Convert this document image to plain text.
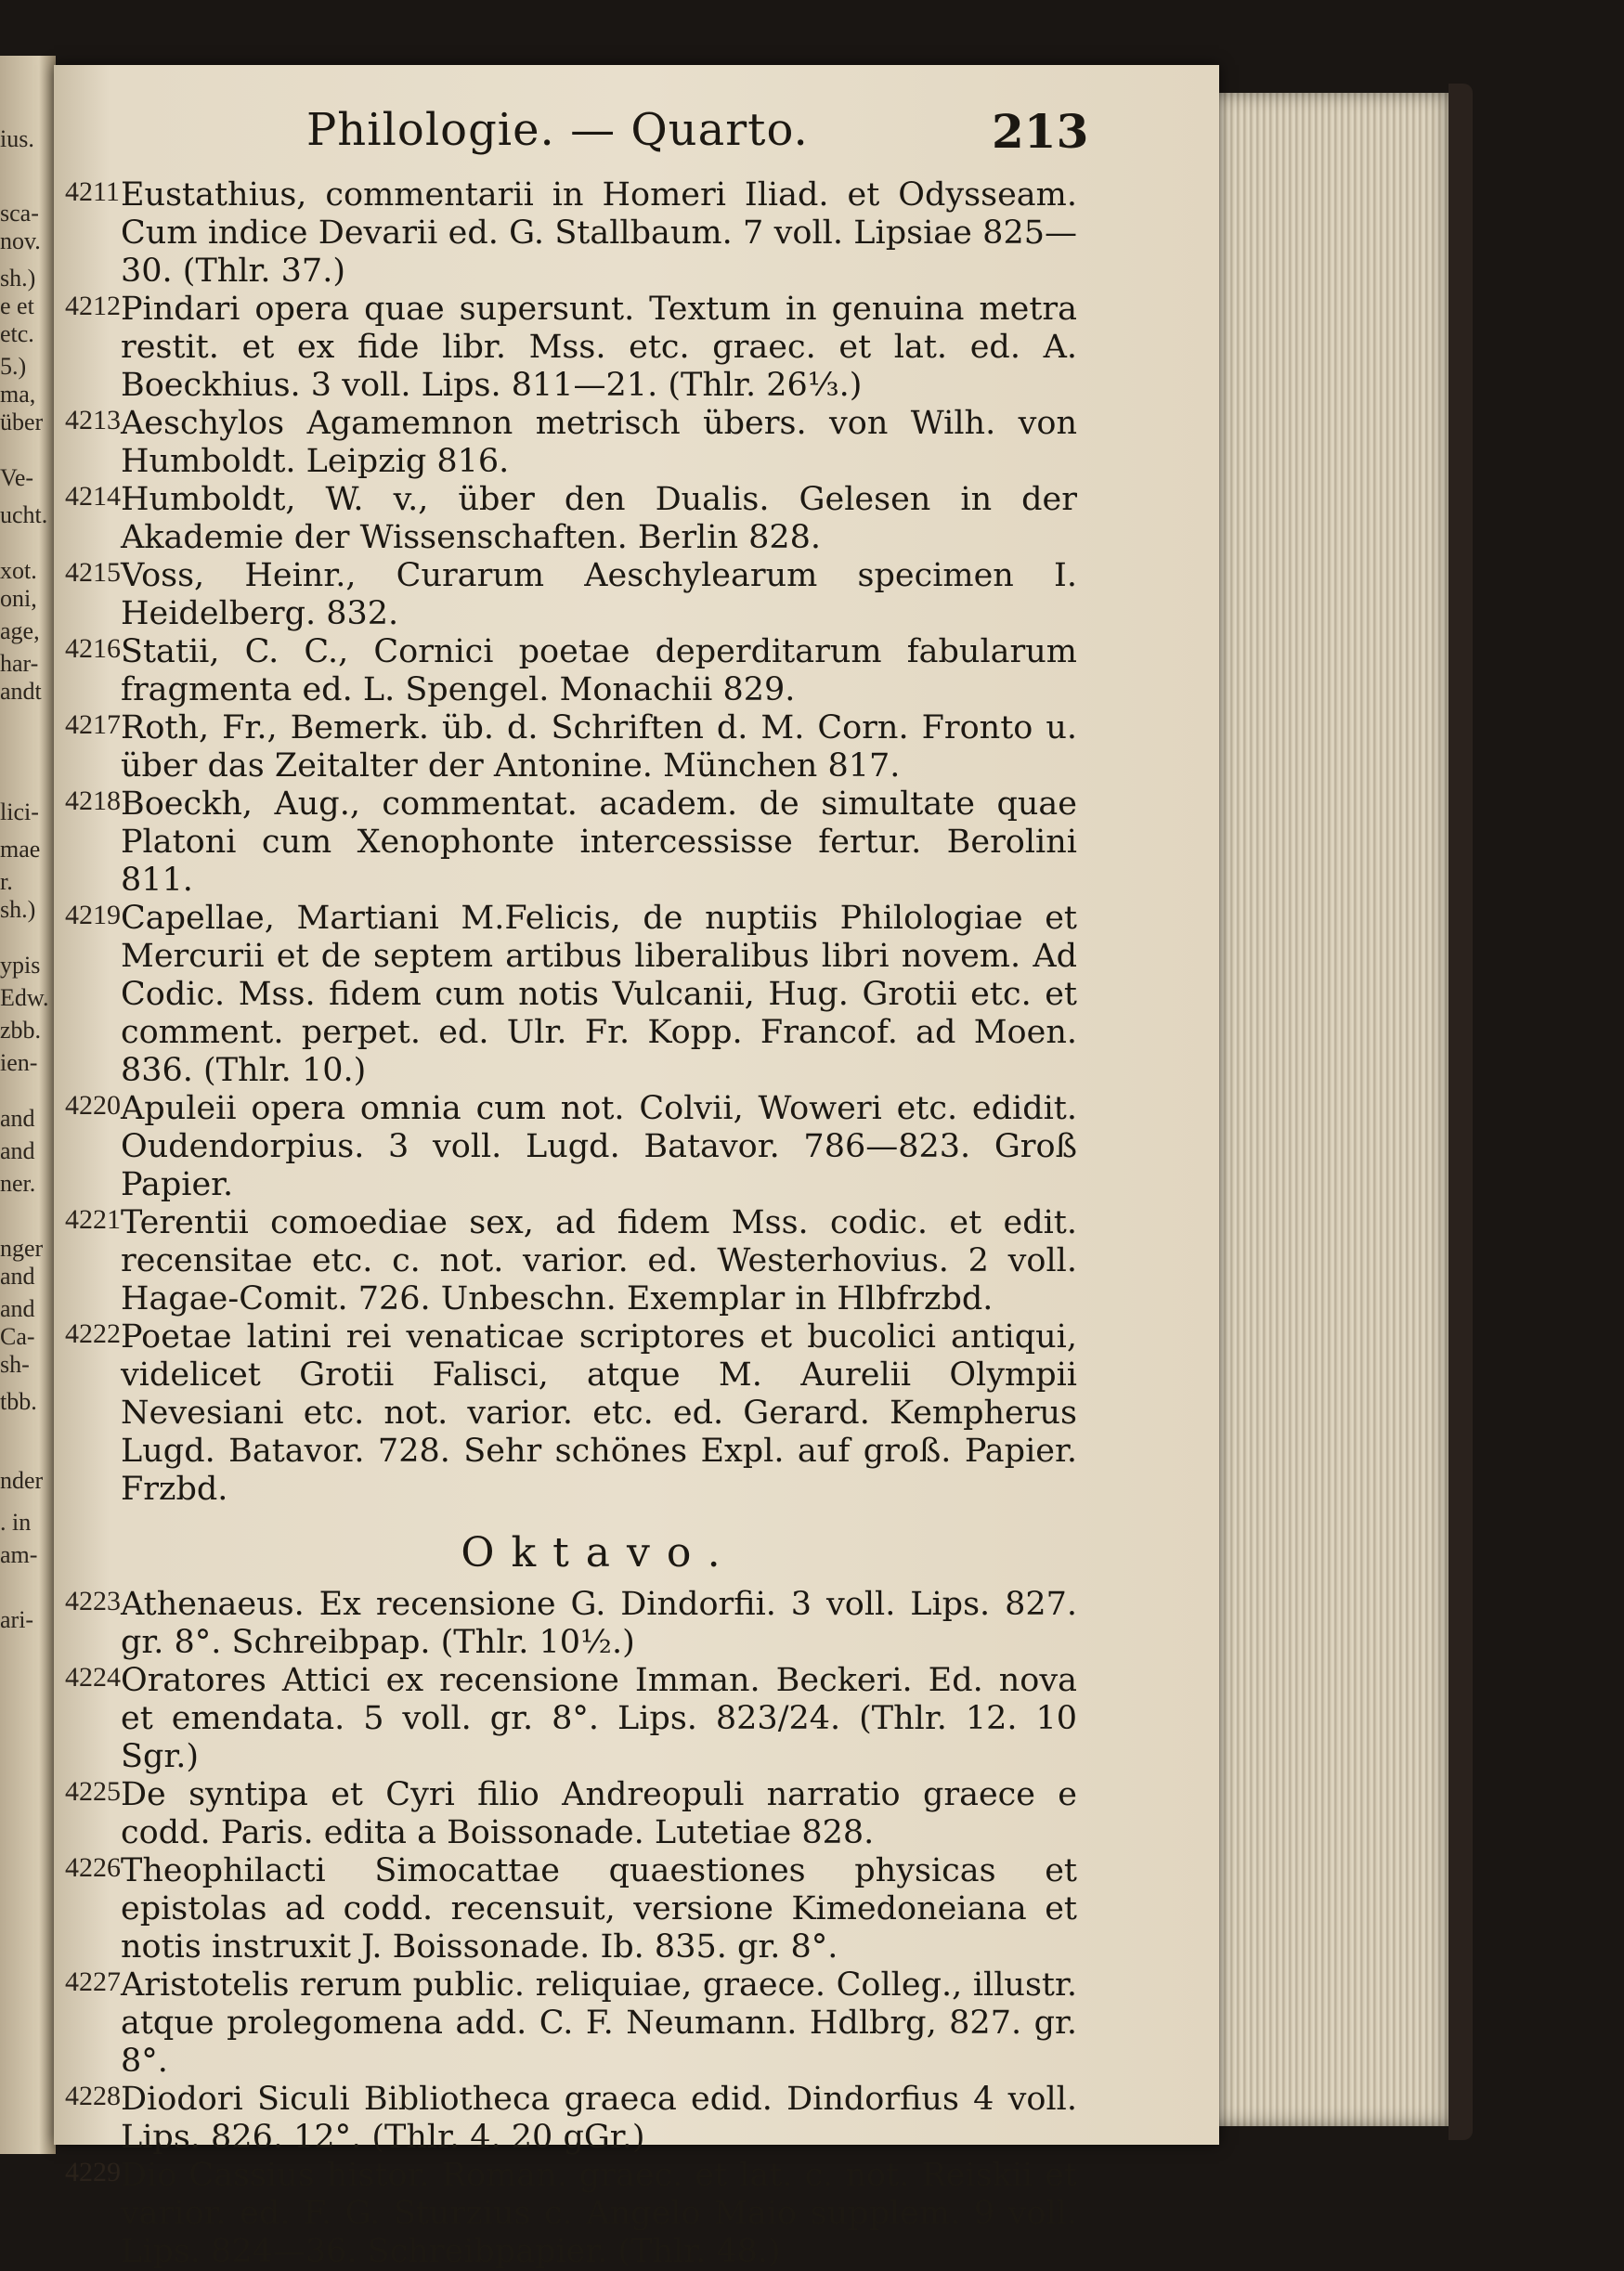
ius.
sca-
nov.
sh.)
e et
etc.
5.)
ma,
über
Ve-
ucht.
xot.
oni,
age,
har-
andt
lici-
mae
r.
sh.)
ypis
Edw.
zbb.
ien-
and
and
ner.
nger
and
and
Ca-
sh-
tbb.
nder
. in
am-
ari-
Philologie. — Quarto.	213
4211 Eustathius, commentarii in Homeri Iliad. et Odysseam. Cum indice Devarii ed. G. Stallbaum. 7 voll. Lipsiae 825—30. (Thlr. 37.)
4212 Pindari opera quae supersunt. Textum in genuina metra restit. et ex fide libr. Mss. etc. graec. et lat. ed. A. Boeckhius. 3 voll. Lips. 811—21. (Thlr. 26⅓.)
4213 Aeschylos Agamemnon metrisch übers. von Wilh. von Humboldt. Leipzig 816.
4214 Humboldt, W. v., über den Dualis. Gelesen in der Akademie der Wissenschaften. Berlin 828.
4215 Voss, Heinr., Curarum Aeschylearum specimen I. Heidelberg. 832.
4216 Statii, C. C., Cornici poetae deperditarum fabularum fragmenta ed. L. Spengel. Monachii 829.
4217 Roth, Fr., Bemerk. üb. d. Schriften d. M. Corn. Fronto u. über das Zeitalter der Antonine. München 817.
4218 Boeckh, Aug., commentat. academ. de simultate quae Platoni cum Xenophonte intercessisse fertur. Berolini 811.
4219 Capellae, Martiani M.Felicis, de nuptiis Philologiae et Mercurii et de septem artibus liberalibus libri novem. Ad Codic. Mss. fidem cum notis Vulcanii, Hug. Grotii etc. et comment. perpet. ed. Ulr. Fr. Kopp. Francof. ad Moen. 836. (Thlr. 10.)
4220 Apuleii opera omnia cum not. Colvii, Woweri etc. edidit. Oudendorpius. 3 voll. Lugd. Batavor. 786—823. Groß Papier.
4221 Terentii comoediae sex, ad fidem Mss. codic. et edit. recensitae etc. c. not. varior. ed. Westerhovius. 2 voll. Hagae-Comit. 726. Unbeschn. Exemplar in Hlbfrzbd.
4222 Poetae latini rei venaticae scriptores et bucolici antiqui, videlicet Grotii Falisci, atque M. Aurelii Olympii Nevesiani etc. not. varior. etc. ed. Gerard. Kempherus Lugd. Batavor. 728. Sehr schönes Expl. auf groß. Papier. Frzbd.
Oktavo.
4223 Athenaeus. Ex recensione G. Dindorfii. 3 voll. Lips. 827. gr. 8°. Schreibpap. (Thlr. 10½.)
4224 Oratores Attici ex recensione Imman. Beckeri. Ed. nova et emendata. 5 voll. gr. 8°. Lips. 823/24. (Thlr. 12. 10 Sgr.)
4225 De syntipa et Cyri filio Andreopuli narratio graece e codd. Paris. edita a Boissonade. Lutetiae 828.
4226 Theophilacti Simocattae quaestiones physicas et epistolas ad codd. recensuit, versione Kimedoneiana et notis instruxit J. Boissonade. Ib. 835. gr. 8°.
4227 Aristotelis rerum public. reliquiae, graece. Colleg., illustr. atque prolegomena add. C. F. Neumann. Hdlbrg, 827. gr. 8°.
4228 Diodori Siculi Bibliotheca graeca edid. Dindorfius 4 voll. Lips. 826. 12°. (Thlr. 4. 20 gGr.)
4229 Dio Cassius histor. Roman. graec. et lat. c. not. Reiskii et varior. ed. F. G. Sturzius c. Angelo Maio supplem. 9 voll. Lips. 824—36. Schreibpapier. (Thlr. 48.)
